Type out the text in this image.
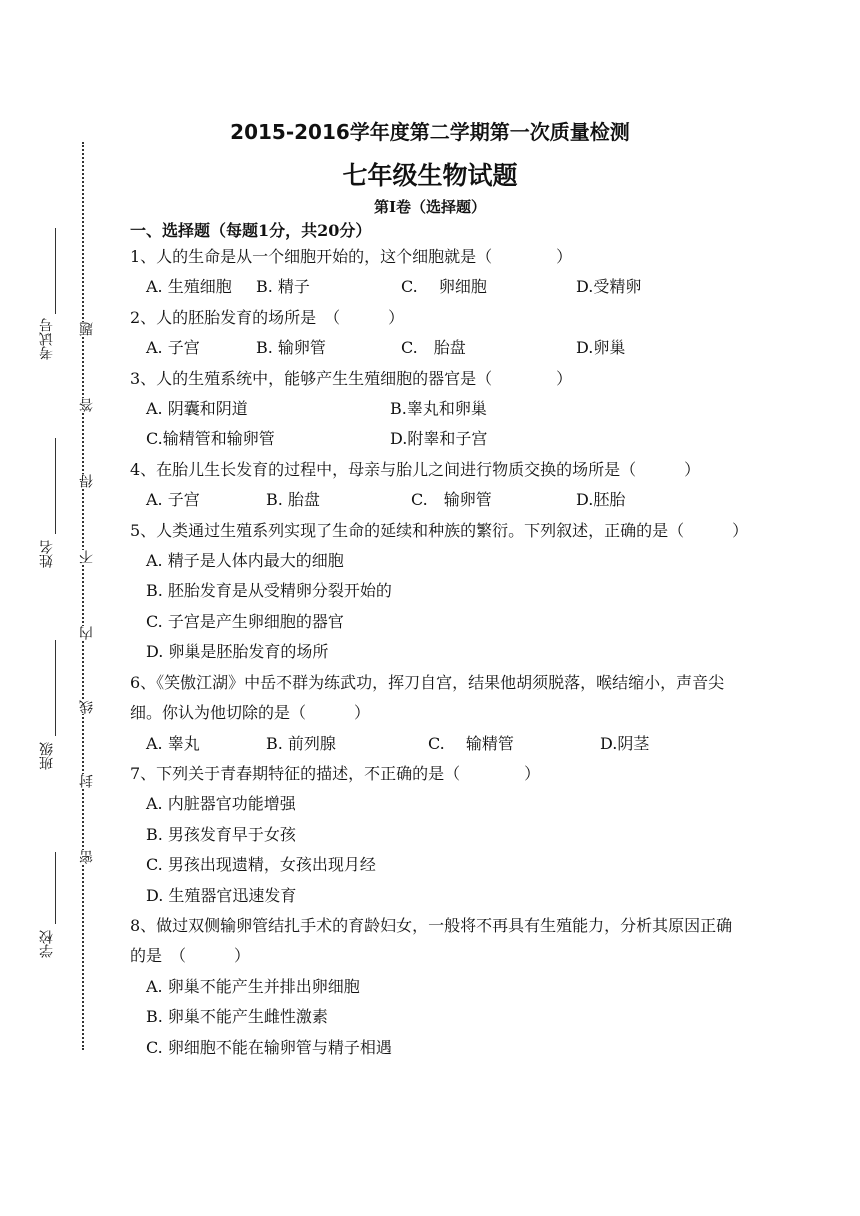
考试号
姓名
班级
学校
题
答
得
不
内
线
封
密
2015-2016学年度第二学期第一次质量检测
七年级生物试题
第Ⅰ卷（选择题）
一、选择题（每题1分，共20分）
1、人的生命是从一个细胞开始的，这个细胞就是（　　　　）
A. 生殖细胞	B. 精子	C.　 卵细胞	D.受精卵
2、人的胚胎发育的场所是　（　　　）
A. 子宫	B. 输卵管	C.　胎盘	D.卵巢
3、人的生殖系统中，能够产生生殖细胞的器官是（　　　　）
A. 阴囊和阴道	B.睾丸和卵巢
C.输精管和输卵管	D.附睾和子宫
4、在胎儿生长发育的过程中，母亲与胎儿之间进行物质交换的场所是（　　　）
A. 子宫	B. 胎盘	C.　输卵管	D.胚胎
5、人类通过生殖系列实现了生命的延续和种族的繁衍。下列叙述，正确的是（　　　）
A. 精子是人体内最大的细胞
B. 胚胎发育是从受精卵分裂开始的
C. 子宫是产生卵细胞的器官
D. 卵巢是胚胎发育的场所
6、《笑傲江湖》中岳不群为练武功，挥刀自宫，结果他胡须脱落，喉结缩小，声音尖细。你认为他切除的是（　　　）
A. 睾丸	B. 前列腺	C.　 输精管	D.阴茎
7、下列关于青春期特征的描述，不正确的是（　　　　）
A. 内脏器官功能增强
B. 男孩发育早于女孩
C. 男孩出现遗精，女孩出现月经
D. 生殖器官迅速发育
8、做过双侧输卵管结扎手术的育龄妇女，一般将不再具有生殖能力，分析其原因正确的是　（　　　）
A. 卵巢不能产生并排出卵细胞
B. 卵巢不能产生雌性激素
C. 卵细胞不能在输卵管与精子相遇
